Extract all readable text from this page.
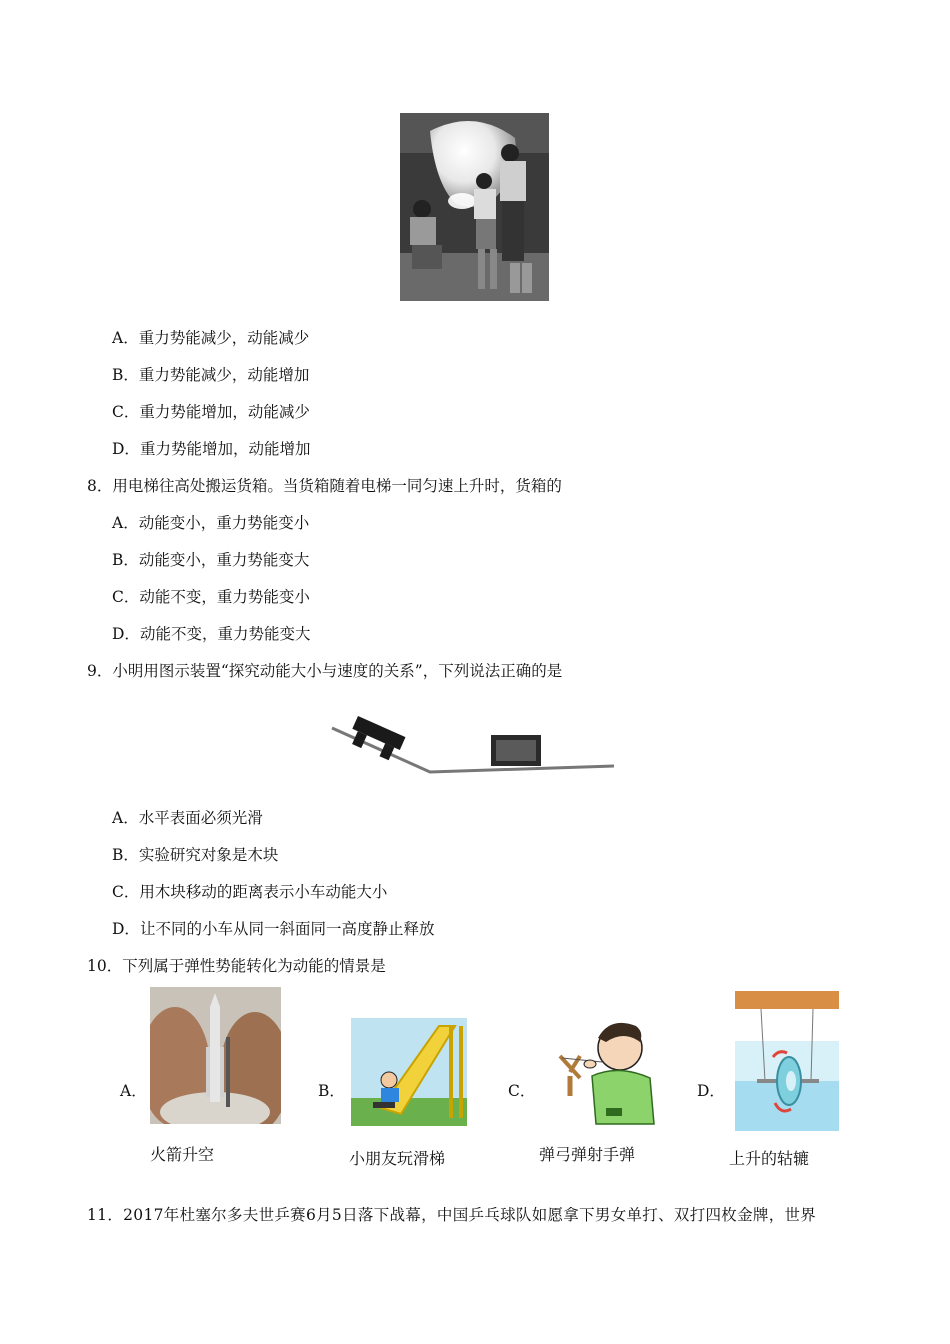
A．重力势能减少，动能减少
B．重力势能减少，动能增加
C．重力势能增加，动能减少
D．重力势能增加，动能增加
8．用电梯往高处搬运货箱。当货箱随着电梯一同匀速上升时，货箱的
A．动能变小，重力势能变小
B．动能变小，重力势能变大
C．动能不变，重力势能变小
D．动能不变，重力势能变大
9．小明用图示装置“探究动能大小与速度的关系”，下列说法正确的是
A．水平表面必须光滑
B．实验研究对象是木块
C．用木块移动的距离表示小车动能大小
D．让不同的小车从同一斜面同一高度静止释放
10．下列属于弹性势能转化为动能的情景是
A．
火箭升空
B．
小朋友玩滑梯
C．
弹弓弹射手弹
D．
上升的轱辘
11．2017年杜塞尔多夫世乒赛6月5日落下战幕，中国乒乓球队如愿拿下男女单打、双打四枚金牌，世界
